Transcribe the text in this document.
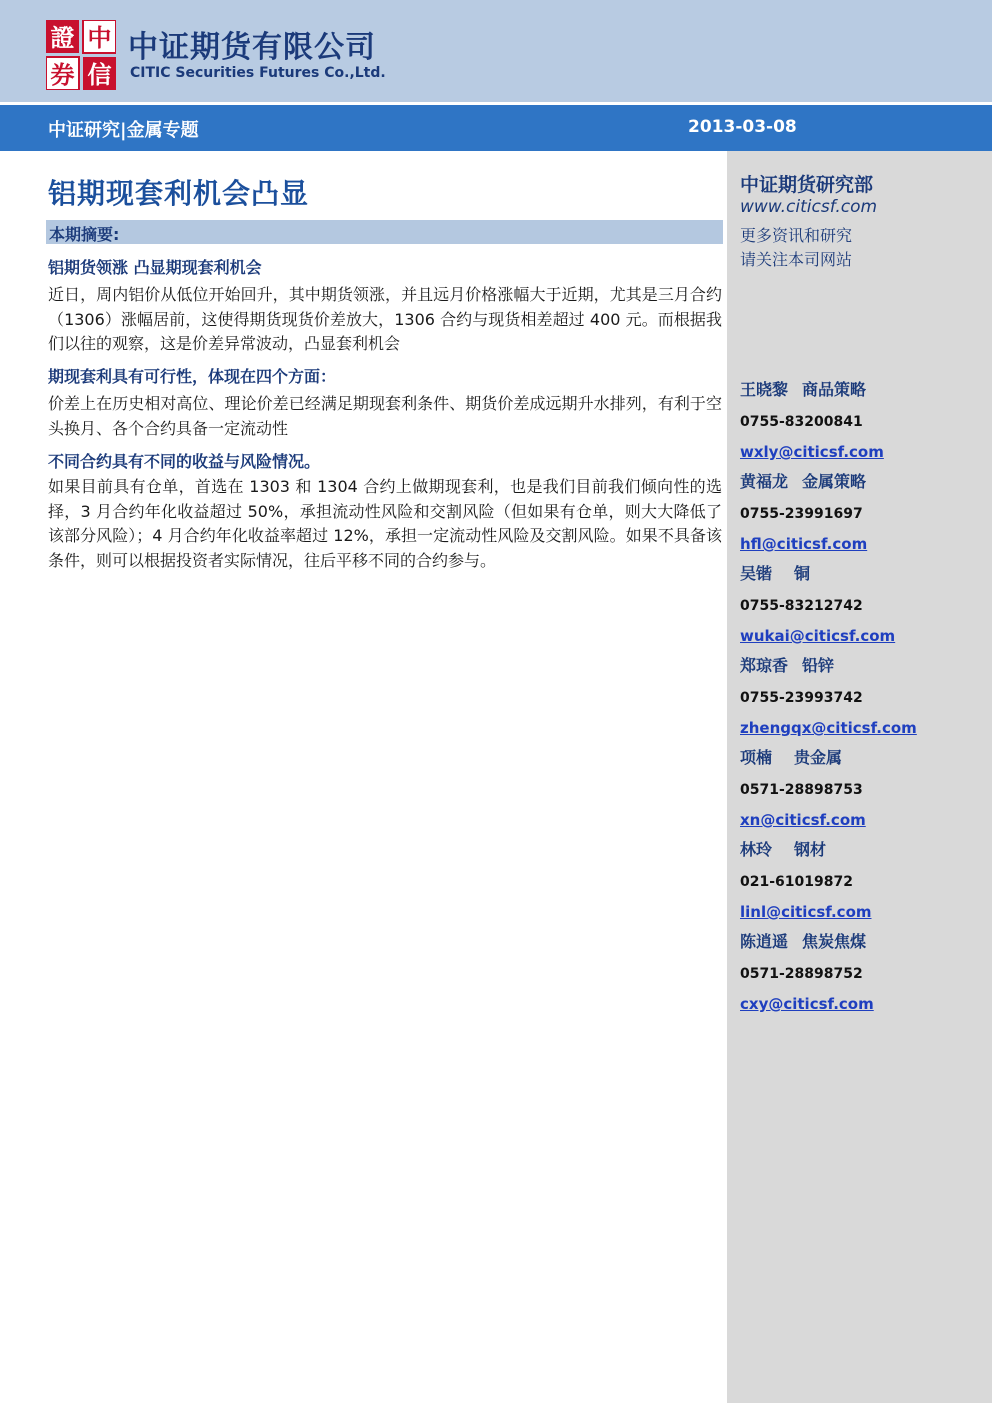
證 中
券 信
中证期货有限公司
CITIC Securities Futures Co.,Ltd.
中证研究|金属专题	2013-03-08
中证期货研究部
www.citicsf.com
更多资讯和研究
请关注本司网站
王晓黎 商品策略
0755-83200841
wxly@citicsf.com
黄福龙 金属策略
0755-23991697
hfl@citicsf.com
吴锴 铜
0755-83212742
wukai@citicsf.com
郑琼香 铅锌
0755-23993742
zhengqx@citicsf.com
项楠 贵金属
0571-28898753
xn@citicsf.com
林玲 钢材
021-61019872
linl@citicsf.com
陈逍遥 焦炭焦煤
0571-28898752
cxy@citicsf.com
铝期现套利机会凸显
本期摘要:
铝期货领涨 凸显期现套利机会
近日，周内铝价从低位开始回升，其中期货领涨，并且远月价格涨幅大于近期，尤其是三月合约（1306）涨幅居前，这使得期货现货价差放大，1306 合约与现货相差超过 400 元。而根据我们以往的观察，这是价差异常波动，凸显套利机会
期现套利具有可行性，体现在四个方面：
价差上在历史相对高位、理论价差已经满足期现套利条件、期货价差成远期升水排列，有利于空头换月、各个合约具备一定流动性
不同合约具有不同的收益与风险情况。
如果目前具有仓单，首选在 1303 和 1304 合约上做期现套利，也是我们目前我们倾向性的选择，3 月合约年化收益超过 50%，承担流动性风险和交割风险（但如果有仓单，则大大降低了该部分风险）；4 月合约年化收益率超过 12%，承担一定流动性风险及交割风险。如果不具备该条件，则可以根据投资者实际情况，往后平移不同的合约参与。
